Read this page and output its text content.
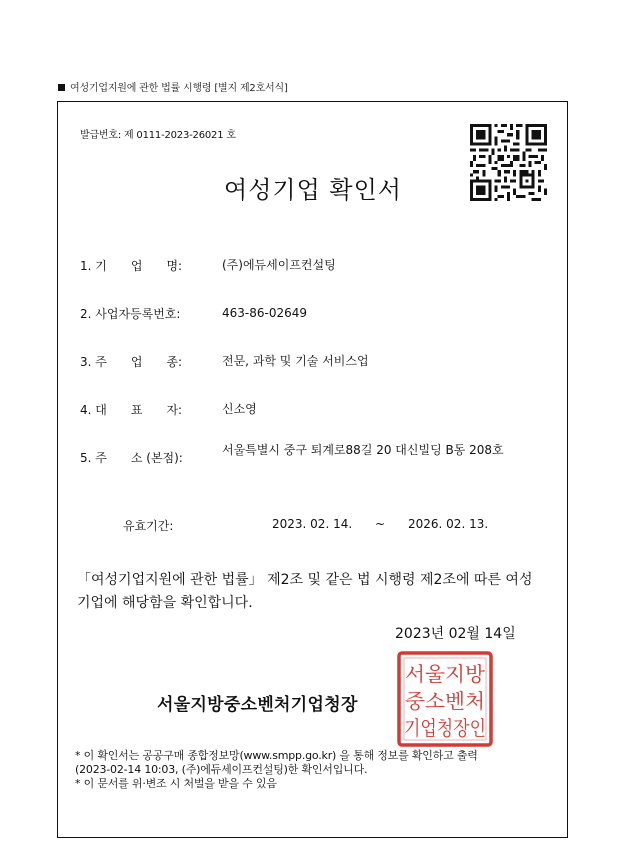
여성기업지원에 관한 법률 시행령 [별지 제2호서식]
발급번호: 제 0111-2023-26021 호
여성기업 확인서
1. 기　　업　　명:	(주)에듀세이프컨설팅
2. 사업자등록번호:	463-86-02649
3. 주　　업　　종:	전문, 과학 및 기술 서비스업
4. 대　　표　　자:	신소영
5. 주　　소 (본점):
서울특별시 중구 퇴계로88길 20 대신빌딩 B동 208호
유효기간:	2023. 02. 14. ~ 2026. 02. 13.
「여성기업지원에 관한 법률」 제2조 및 같은 법 시행령 제2조에 따른 여성기업에 해당함을 확인합니다.
2023년 02월 14일
서울지방중소벤처기업청장
서울지방
중소벤처
기업청장인
* 이 확인서는 공공구매 종합정보망(www.smpp.go.kr) 을 통해 정보를 확인하고 출력
(2023-02-14 10:03, (주)에듀세이프컨설팅)한 확인서입니다.
* 이 문서를 위·변조 시 처벌을 받을 수 있음
